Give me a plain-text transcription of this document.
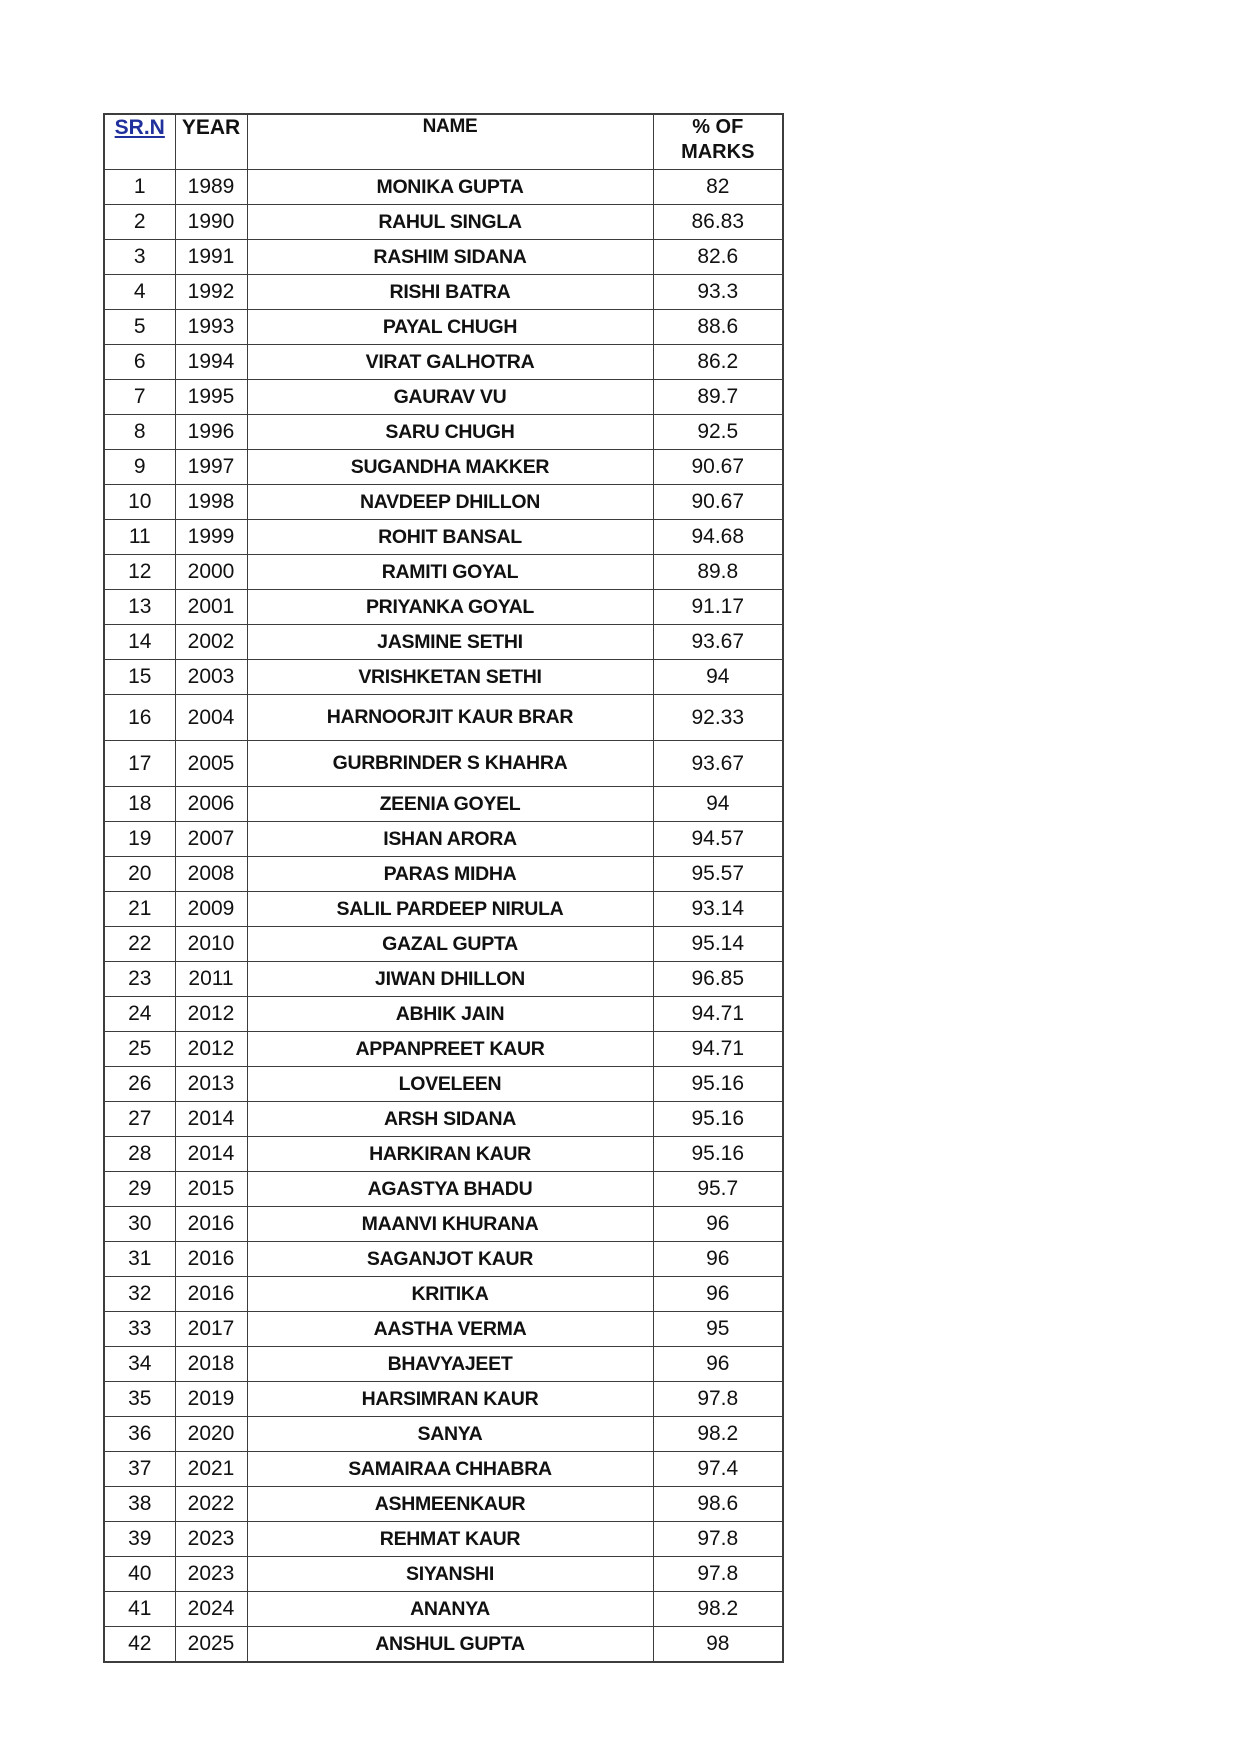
SR.N	YEAR	NAME	% OF MARKS
1	1989	MONIKA GUPTA	82
2	1990	RAHUL SINGLA	86.83
3	1991	RASHIM SIDANA	82.6
4	1992	RISHI BATRA	93.3
5	1993	PAYAL CHUGH	88.6
6	1994	VIRAT GALHOTRA	86.2
7	1995	GAURAV VU	89.7
8	1996	SARU CHUGH	92.5
9	1997	SUGANDHA MAKKER	90.67
10	1998	NAVDEEP DHILLON	90.67
11	1999	ROHIT BANSAL	94.68
12	2000	RAMITI GOYAL	89.8
13	2001	PRIYANKA GOYAL	91.17
14	2002	JASMINE SETHI	93.67
15	2003	VRISHKETAN SETHI	94
16	2004	HARNOORJIT KAUR BRAR	92.33
17	2005	GURBRINDER S KHAHRA	93.67
18	2006	ZEENIA GOYEL	94
19	2007	ISHAN ARORA	94.57
20	2008	PARAS MIDHA	95.57
21	2009	SALIL PARDEEP NIRULA	93.14
22	2010	GAZAL GUPTA	95.14
23	2011	JIWAN DHILLON	96.85
24	2012	ABHIK JAIN	94.71
25	2012	APPANPREET KAUR	94.71
26	2013	LOVELEEN	95.16
27	2014	ARSH SIDANA	95.16
28	2014	HARKIRAN KAUR	95.16
29	2015	AGASTYA BHADU	95.7
30	2016	MAANVI KHURANA	96
31	2016	SAGANJOT KAUR	96
32	2016	KRITIKA	96
33	2017	AASTHA VERMA	95
34	2018	BHAVYAJEET	96
35	2019	HARSIMRAN KAUR	97.8
36	2020	SANYA	98.2
37	2021	SAMAIRAA CHHABRA	97.4
38	2022	ASHMEENKAUR	98.6
39	2023	REHMAT KAUR	97.8
40	2023	SIYANSHI	97.8
41	2024	ANANYA	98.2
42	2025	ANSHUL GUPTA	98
